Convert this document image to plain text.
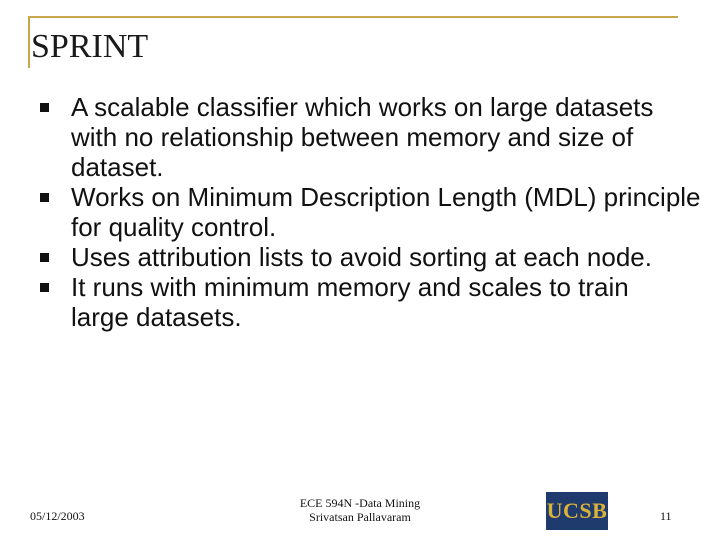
SPRINT
A scalable classifier which works on large datasets with no relationship between memory and size of dataset.
Works on Minimum Description Length (MDL) principle for quality control.
Uses attribution lists to avoid sorting at each node.
It runs with minimum memory and scales to train large datasets.
05/12/2003
ECE 594N -Data Mining
Srivatsan Pallavaram	UCSB	11
